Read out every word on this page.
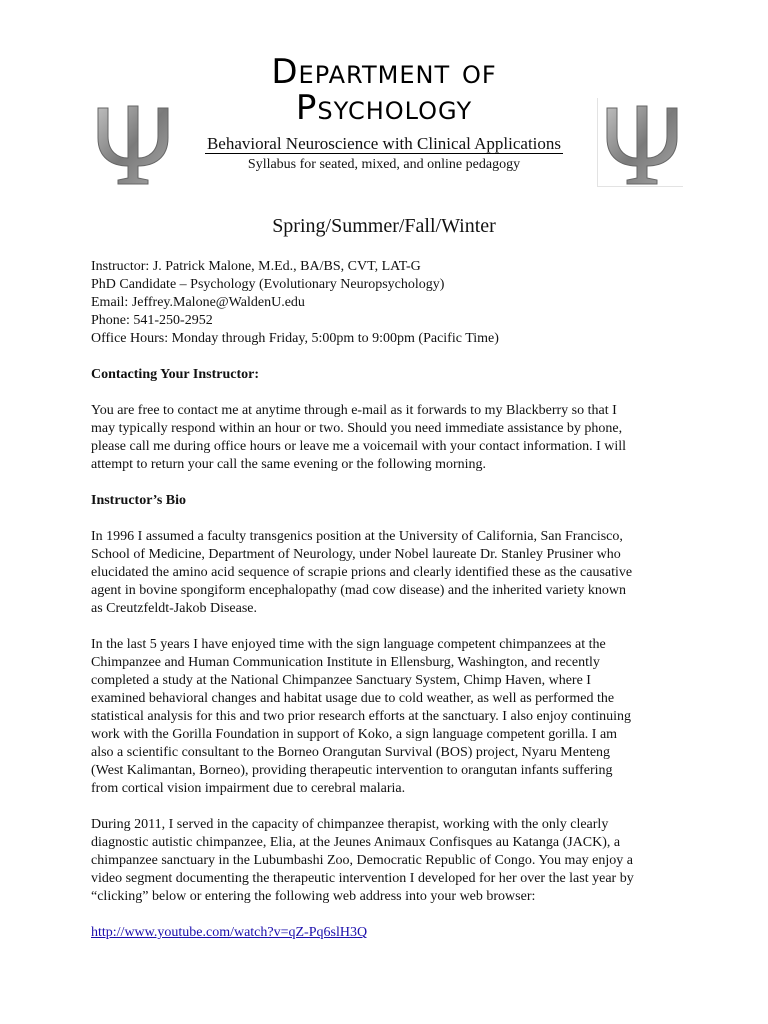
Department of
Psychology
Behavioral Neuroscience with Clinical Applications
Syllabus for seated, mixed, and online pedagogy
Spring/Summer/Fall/Winter
Instructor: J. Patrick Malone, M.Ed., BA/BS, CVT, LAT-G
PhD Candidate – Psychology (Evolutionary Neuropsychology)
Email: Jeffrey.Malone@WaldenU.edu
Phone: 541-250-2952
Office Hours: Monday through Friday, 5:00pm to 9:00pm (Pacific Time)
Contacting Your Instructor:

You are free to contact me at anytime through e-mail as it forwards to my Blackberry so that I
may typically respond within an hour or two. Should you need immediate assistance by phone,
please call me during office hours or leave me a voicemail with your contact information. I will
attempt to return your call the same evening or the following morning.

Instructor’s Bio

In 1996 I assumed a faculty transgenics position at the University of California, San Francisco,
School of Medicine, Department of Neurology, under Nobel laureate Dr. Stanley Prusiner who
elucidated the amino acid sequence of scrapie prions and clearly identified these as the causative
agent in bovine spongiform encephalopathy (mad cow disease) and the inherited variety known
as Creutzfeldt-Jakob Disease.

In the last 5 years I have enjoyed time with the sign language competent chimpanzees at the
Chimpanzee and Human Communication Institute in Ellensburg, Washington, and recently
completed a study at the National Chimpanzee Sanctuary System, Chimp Haven, where I
examined behavioral changes and habitat usage due to cold weather, as well as performed the
statistical analysis for this and two prior research efforts at the sanctuary. I also enjoy continuing
work with the Gorilla Foundation in support of Koko, a sign language competent gorilla. I am
also a scientific consultant to the Borneo Orangutan Survival (BOS) project, Nyaru Menteng
(West Kalimantan, Borneo), providing therapeutic intervention to orangutan infants suffering
from cortical vision impairment due to cerebral malaria.

During 2011, I served in the capacity of chimpanzee therapist, working with the only clearly
diagnostic autistic chimpanzee, Elia, at the Jeunes Animaux Confisques au Katanga (JACK), a
chimpanzee sanctuary in the Lubumbashi Zoo, Democratic Republic of Congo. You may enjoy a
video segment documenting the therapeutic intervention I developed for her over the last year by
“clicking” below or entering the following web address into your web browser:

http://www.youtube.com/watch?v=qZ-Pq6slH3Q
